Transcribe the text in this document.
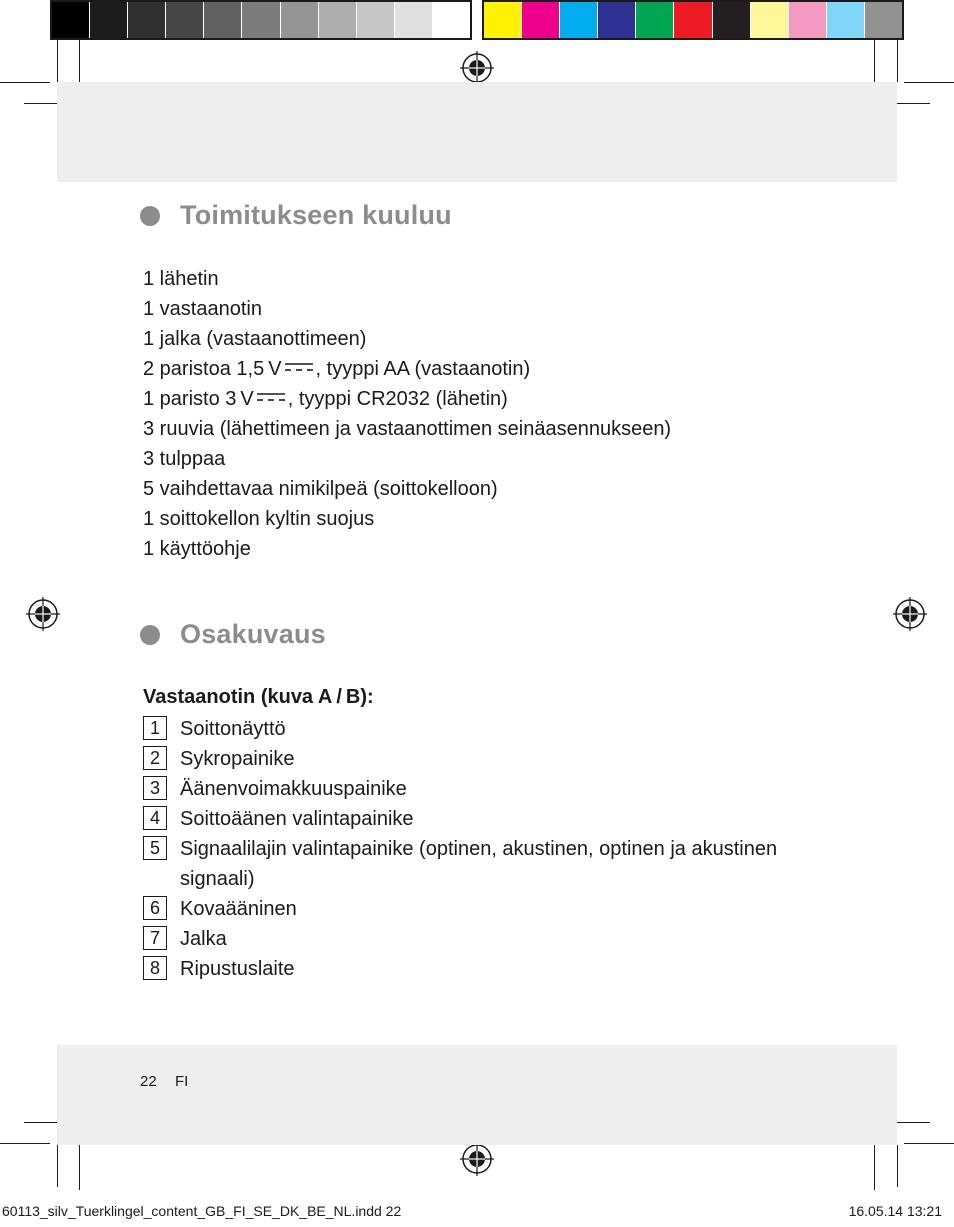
Toimitukseen kuuluu
1 lähetin
1 vastaanotin
1 jalka (vastaanottimeen)
2 paristoa 1,5 V , tyyppi AA (vastaanotin)
1 paristo 3 V , tyyppi CR2032 (lähetin)
3 ruuvia (lähettimeen ja vastaanottimen seinäasennukseen)
3 tulppaa
5 vaihdettavaa nimikilpeä (soittokelloon)
1 soittokellon kyltin suojus
1 käyttöohje
Osakuvaus
Vastaanotin (kuva A / B):
1	Soittonäyttö
2	Sykropainike
3	Äänenvoimakkuuspainike
4	Soittoäänen valintapainike
5	Signaalilajin valintapainike (optinen, akustinen, optinen ja akustinen signaali)
6	Kovaääninen
7	Jalka
8	Ripustuslaite
22 FI
60113_silv_Tuerklingel_content_GB_FI_SE_DK_BE_NL.indd 22	16.05.14 13:21
